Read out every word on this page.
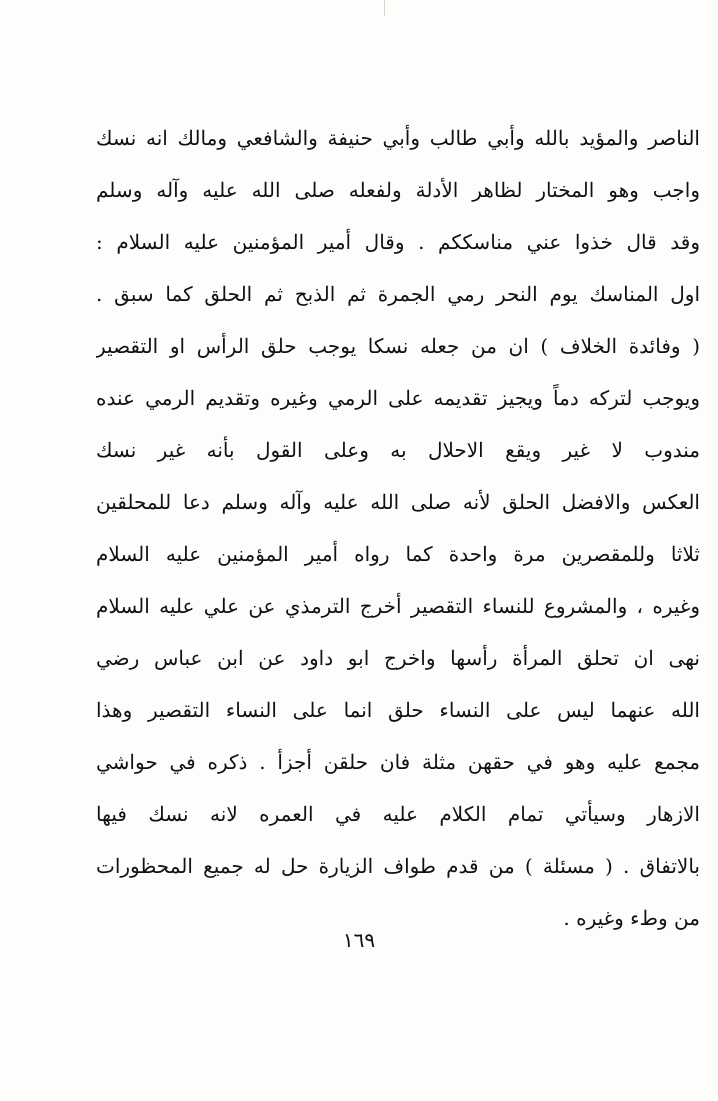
الناصر والمؤيد بالله وأبي طالب وأبي حنيفة والشافعي ومالك انه نسك
واجب وهو المختار لظاهر الأدلة ولفعله صلى الله عليه وآله وسلم
وقد قال خذوا عني مناسككم . وقال أمير المؤمنين عليه السلام :
اول المناسك يوم النحر رمي الجمرة ثم الذبح ثم الحلق كما سبق .
( وفائدة الخلاف ) ان من جعله نسكا يوجب حلق الرأس او التقصير
ويوجب لتركه دماً ويجيز تقديمه على الرمي وغيره وتقديم الرمي عنده
مندوب لا غير ويقع الاحلال به وعلى القول بأنه غير نسك
العكس والافضل الحلق لأنه صلى الله عليه وآله وسلم دعا للمحلقين
ثلاثا وللمقصرين مرة واحدة كما رواه أمير المؤمنين عليه السلام
وغيره ، والمشروع للنساء التقصير أخرج الترمذي عن علي عليه السلام
نهى ان تحلق المرأة رأسها واخرج ابو داود عن ابن عباس رضي
الله عنهما ليس على النساء حلق انما على النساء التقصير وهذا
مجمع عليه وهو في حقهن مثلة فان حلقن أجزأ . ذكره في حواشي
الازهار وسيأتي تمام الكلام عليه في العمره لانه نسك فيها
بالاتفاق . ( مسئلة ) من قدم طواف الزيارة حل له جميع المحظورات
من وطء وغيره .
١٦٩
